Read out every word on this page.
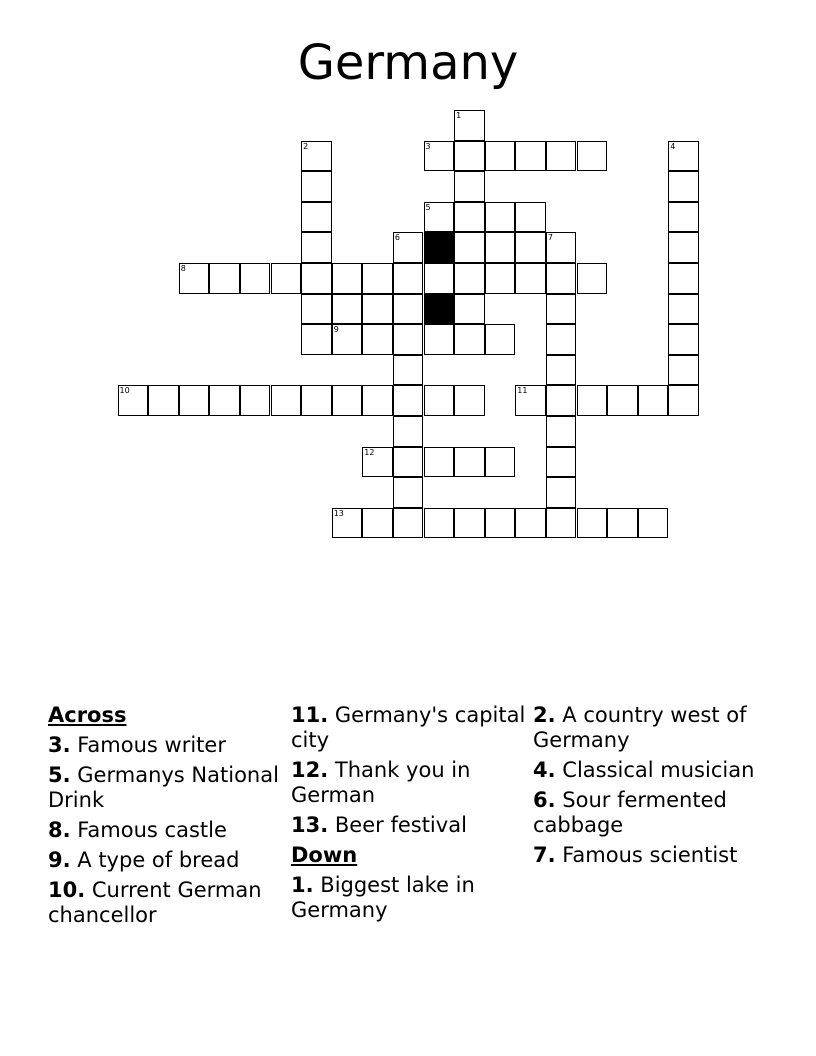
Germany
1
2	3	4
5
6	7
8
9
10	11
12
13

Across

3. Famous writer

5. Germanys National Drink

8. Famous castle

9. A type of bread

10. Current German chancellor

11. Germany's capital city

12. Thank you in German

13. Beer festival

Down

1. Biggest lake in Germany

2. A country west of Germany

4. Classical musician

6. Sour fermented cabbage

7. Famous scientist
